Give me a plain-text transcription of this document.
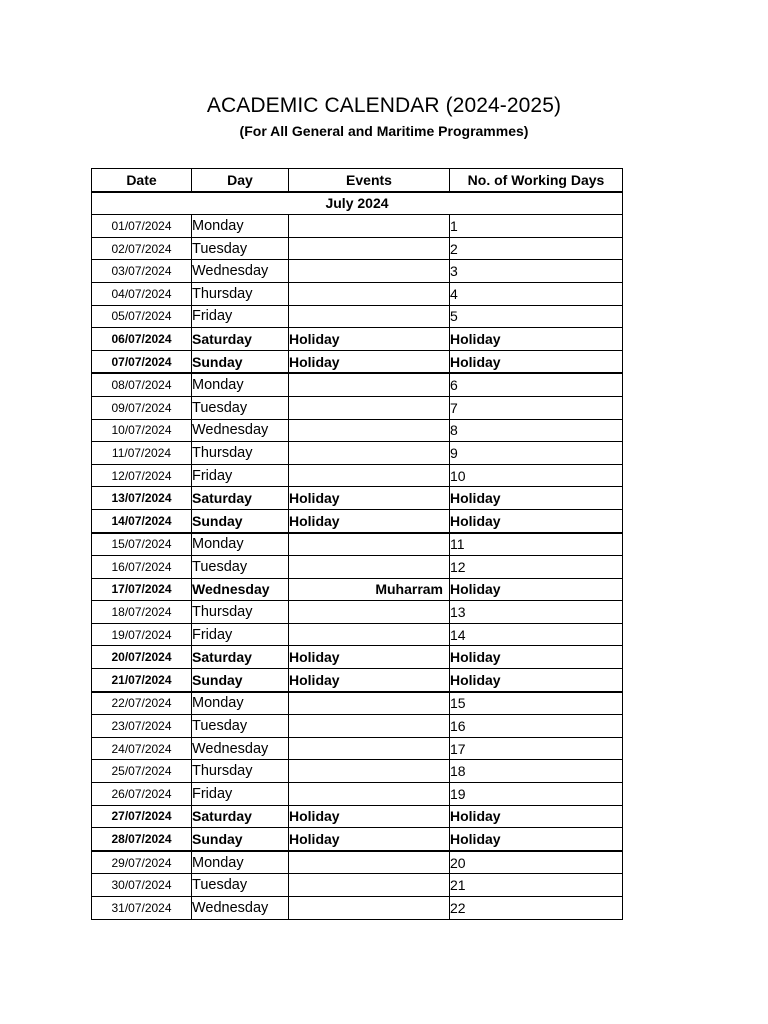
ACADEMIC CALENDAR (2024-2025)
(For All General and Maritime Programmes)
Date	Day	Events	No. of Working Days
July 2024			
01/07/2024	Monday		1
02/07/2024	Tuesday		2
03/07/2024	Wednesday		3
04/07/2024	Thursday		4
05/07/2024	Friday		5
06/07/2024	Saturday	Holiday	Holiday
07/07/2024	Sunday	Holiday	Holiday
08/07/2024	Monday		6
09/07/2024	Tuesday		7
10/07/2024	Wednesday		8
11/07/2024	Thursday		9
12/07/2024	Friday		10
13/07/2024	Saturday	Holiday	Holiday
14/07/2024	Sunday	Holiday	Holiday
15/07/2024	Monday		11
16/07/2024	Tuesday		12
17/07/2024	Wednesday	Muharram	Holiday
18/07/2024	Thursday		13
19/07/2024	Friday		14
20/07/2024	Saturday	Holiday	Holiday
21/07/2024	Sunday	Holiday	Holiday
22/07/2024	Monday		15
23/07/2024	Tuesday		16
24/07/2024	Wednesday		17
25/07/2024	Thursday		18
26/07/2024	Friday		19
27/07/2024	Saturday	Holiday	Holiday
28/07/2024	Sunday	Holiday	Holiday
29/07/2024	Monday		20
30/07/2024	Tuesday		21
31/07/2024	Wednesday		22
